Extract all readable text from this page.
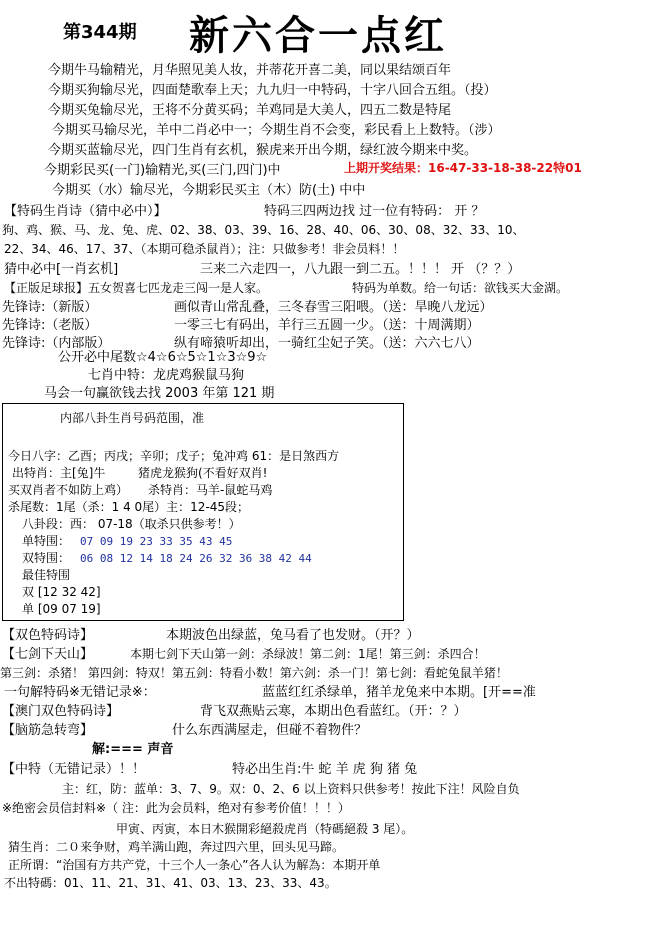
第344期 新六合一点红
今期牛马输精光，月华照见美人妆，并蒂花开喜二美，同以果结颂百年
今期买狗输尽光，四面楚歌奉上天；九九归一中特码，十字八回合五组。（投）
今期买兔输尽光，王将不分黄买码；羊鸡同是大美人，四五二数是特尾
今期买马输尽光，羊中二肖必中一；今期生肖不会变，彩民看上上数特。（涉）
今期买蓝输尽光，四门生肖有玄机，猴虎来开出今期，绿红波今期来中奖。
今期彩民买(一门)输精光,买(三门,四门)中	上期开奖结果：16-47-33-18-38-22特01
今期买（水）输尽光，今期彩民买主（木）防(土) 中中
【特码生肖诗（猜中必中）】	特码三四两边找 过一位有特码： 开 ？
狗、鸡、猴、马、龙、兔、虎、02、38、03、39、16、28、40、06、30、08、32、33、10、
22、34、46、17、37、（本期可稳杀鼠肖）；注：只做参考！非会员料！！
猜中必中[一肖玄机]	三来二六走四一，八九跟一到二五。！！！ 开 （？？）
【正版足球报】五女贺喜七匹龙走三闯一是人家。	特码为单数。给一句话：欲钱买大金湖。
先锋诗:（新版）	画似青山常乱叠，三冬春雪三阳喂。（送：旱晚八龙远）
先锋诗:（老版）	一零三七有码出，羊行三五圆一少。（送：十周满期）
先锋诗:（内部版）	纵有啼猿听却出，一骑红尘妃子笑。（送：六六七八）
公开必中尾数☆4☆6☆5☆1☆3☆9☆
七肖中特：龙虎鸡猴鼠马狗
马会一句赢欲钱去找 2003 年第 121 期
内部八卦生肖号码范围，准
今日八字：乙酉；丙戌；辛卯；戊子；兔冲鸡 61：是日煞西方
出特肖：主[兔]牛	猪虎龙猴狗(不看好双肖!
买双肖者不如防上鸡） 杀特肖：马羊-鼠蛇马鸡
杀尾数：1尾（杀：1 4 0尾）主：12-45段；
八卦段：西： 07-18（取杀只供参考！）
单特围： 07 09 19 23 33 35 43 45
双特围： 06 08 12 14 18 24 26 32 36 38 42 44
最佳特围
双 [12 32 42]
单 [09 07 19]
【双色特码诗】	本期波色出绿蓝，兔马看了也发财。（开？）
【七剑下天山】	本期七剑下天山第一剑：杀绿波！第二剑：1尾！第三剑：杀四合！
第三剑：杀猪！ 第四剑：特双！第五剑：特看小数！第六剑：杀一门！第七剑：看蛇兔鼠羊猪！
一句解特码※无错记录※：	蓝蓝红红杀绿单，猪羊龙兔来中本期。[开==准
【澳门双色特码诗】	背飞双燕贴云寒，本期出色看蓝红。（开：？）
【脑筋急转弯】	什么东西满屋走，但碰不着物件？
解:=== 声音
【中特（无错记录）！！	特必出生肖:牛 蛇 羊 虎 狗 猪 兔
主：红，防：蓝单：3、7、9。双：0、2、6 以上资料只供参考！按此下注！风险自负
※绝密会员信封料※（ 注：此为会员料，绝对有参考价值！！！）
甲寅、丙寅，本日木猴開彩絕殺虎肖（特碼絕殺 3 尾）。
猜生肖：二０来争财，鸡羊满山跑，奔过四六里，回头见马蹄。
正所谓：“治国有方共产党，十三个人一条心”各人认为解為：本期开单
不出特碼：01、11、21、31、41、03、13、23、33、43。
